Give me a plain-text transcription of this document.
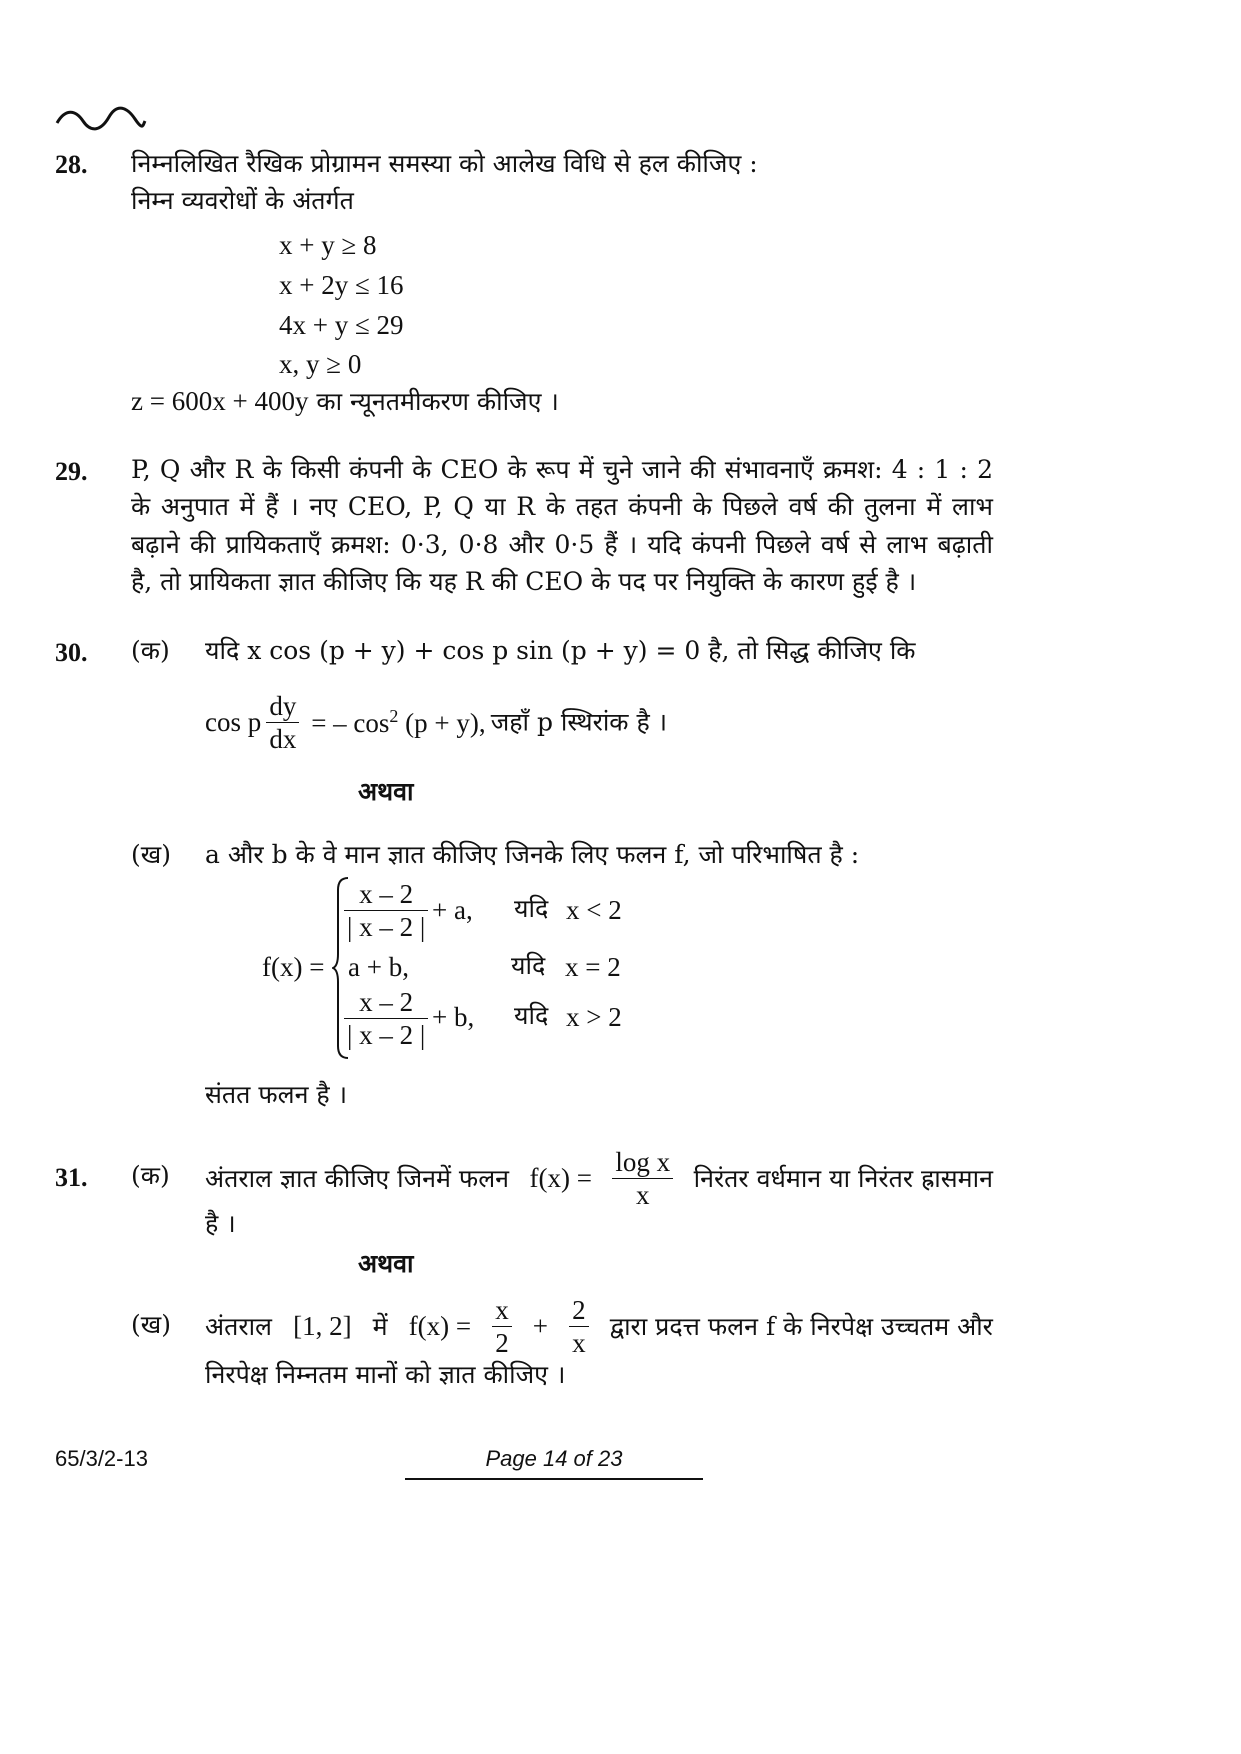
28. निम्नलिखित रैखिक प्रोग्रामन समस्या को आलेख विधि से हल कीजिए :
निम्न व्यवरोधों के अंतर्गत
x + y ≥ 8
x + 2y ≤ 16
4x + y ≤ 29
x, y ≥ 0
z = 600x + 400y का न्यूनतमीकरण कीजिए ।
29. P, Q और R के किसी कंपनी के CEO के रूप में चुने जाने की संभावनाएँ क्रमश: 4 : 1 : 2
के अनुपात में हैं । नए CEO, P, Q या R के तहत कंपनी के पिछले वर्ष की तुलना में लाभ
बढ़ाने की प्रायिकताएँ क्रमश: 0·3, 0·8 और 0·5 हैं । यदि कंपनी पिछले वर्ष से लाभ बढ़ाती
है, तो प्रायिकता ज्ञात कीजिए कि यह R की CEO के पद पर नियुक्ति के कारण हुई है ।
30. (क) यदि x cos (p + y) + cos p sin (p + y) = 0 है, तो सिद्ध कीजिए कि
cos p $\frac{dy}{dx}$ = – $\cos^2 (p + y)$, जहाँ p स्थिरांक है ।
अथवा
(ख) a और b के वे मान ज्ञात कीजिए जिनके लिए फलन f, जो परिभाषित है :
f(x) =
$\frac{x - 2}{| x - 2 |} + a$, यदि x < 2
a + b,	यदि x = 2
$\frac{x - 2}{| x - 2 |} + b$, यदि x > 2
संतत फलन है ।
31. (क) अंतराल ज्ञात कीजिए जिनमें फलन $f(x) = \frac{\text{log x}}{x}$ निरंतर वर्धमान या निरंतर ह्रासमान
है ।
अथवा
(ख) अंतराल [1, 2] में $f(x) = \frac{x}{2} + \frac{2}{x}$ द्वारा प्रदत्त फलन f के निरपेक्ष उच्चतम और
निरपेक्ष निम्नतम मानों को ज्ञात कीजिए ।
65/3/2-13	Page 14 of 23
